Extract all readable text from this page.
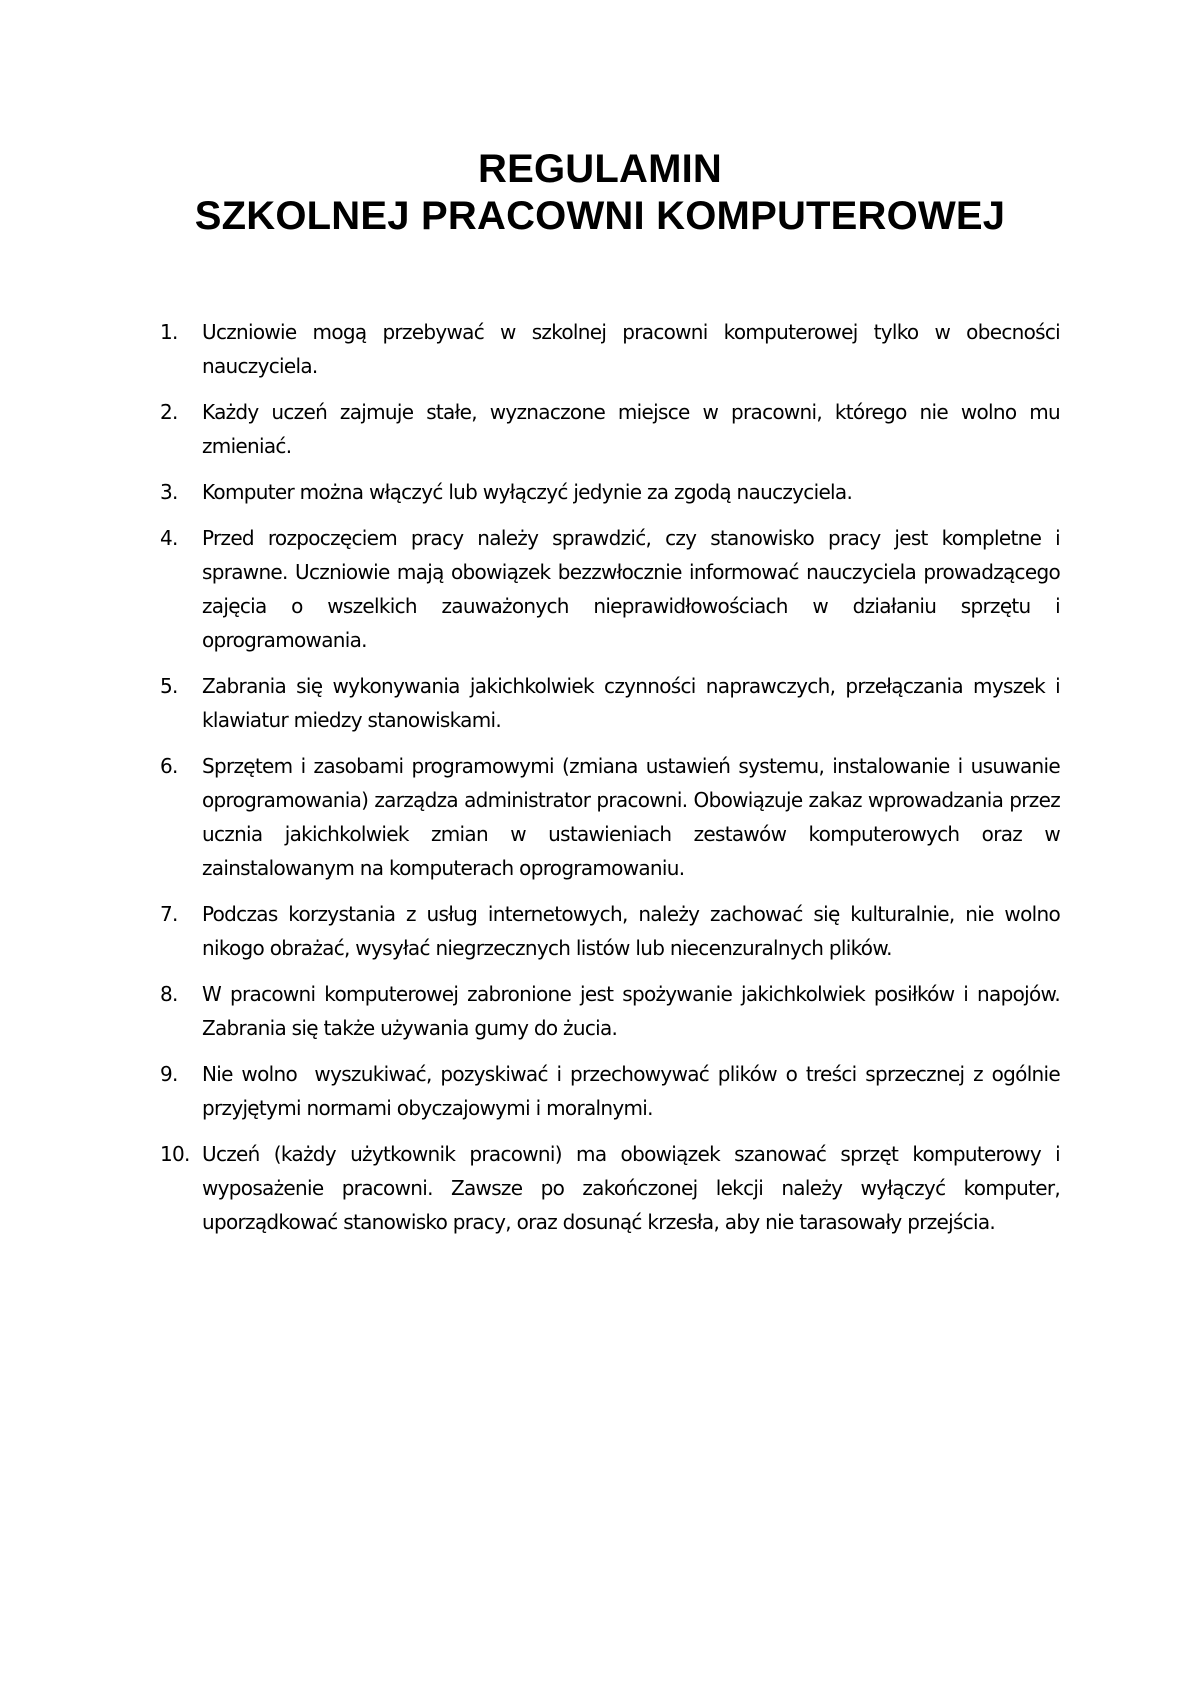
REGULAMIN
SZKOLNEJ PRACOWNI KOMPUTEROWEJ
1. Uczniowie mogą przebywać w szkolnej pracowni komputerowej tylko w obecności nauczyciela.
2. Każdy uczeń zajmuje stałe, wyznaczone miejsce w pracowni, którego nie wolno mu zmieniać.
3. Komputer można włączyć lub wyłączyć jedynie za zgodą nauczyciela.
4. Przed rozpoczęciem pracy należy sprawdzić, czy stanowisko pracy jest kompletne i sprawne. Uczniowie mają obowiązek bezzwłocznie informować nauczyciela prowadzącego zajęcia o wszelkich zauważonych nieprawidłowościach w działaniu sprzętu i oprogramowania.
5. Zabrania się wykonywania jakichkolwiek czynności naprawczych, przełączania myszek i klawiatur miedzy stanowiskami.
6. Sprzętem i zasobami programowymi (zmiana ustawień systemu, instalowanie i usuwanie oprogramowania) zarządza administrator pracowni. Obowiązuje zakaz wprowadzania przez ucznia jakichkolwiek zmian w ustawieniach zestawów komputerowych oraz w zainstalowanym na komputerach oprogramowaniu.
7. Podczas korzystania z usług internetowych, należy zachować się kulturalnie, nie wolno nikogo obrażać, wysyłać niegrzecznych listów lub niecenzuralnych plików.
8. W pracowni komputerowej zabronione jest spożywanie jakichkolwiek posiłków i napojów. Zabrania się także używania gumy do żucia.
9. Nie wolno  wyszukiwać, pozyskiwać i przechowywać plików o treści sprzecznej z ogólnie przyjętymi normami obyczajowymi i moralnymi.
10. Uczeń (każdy użytkownik pracowni) ma obowiązek szanować sprzęt komputerowy i wyposażenie pracowni. Zawsze po zakończonej lekcji należy wyłączyć komputer, uporządkować stanowisko pracy, oraz dosunąć krzesła, aby nie tarasowały przejścia.
